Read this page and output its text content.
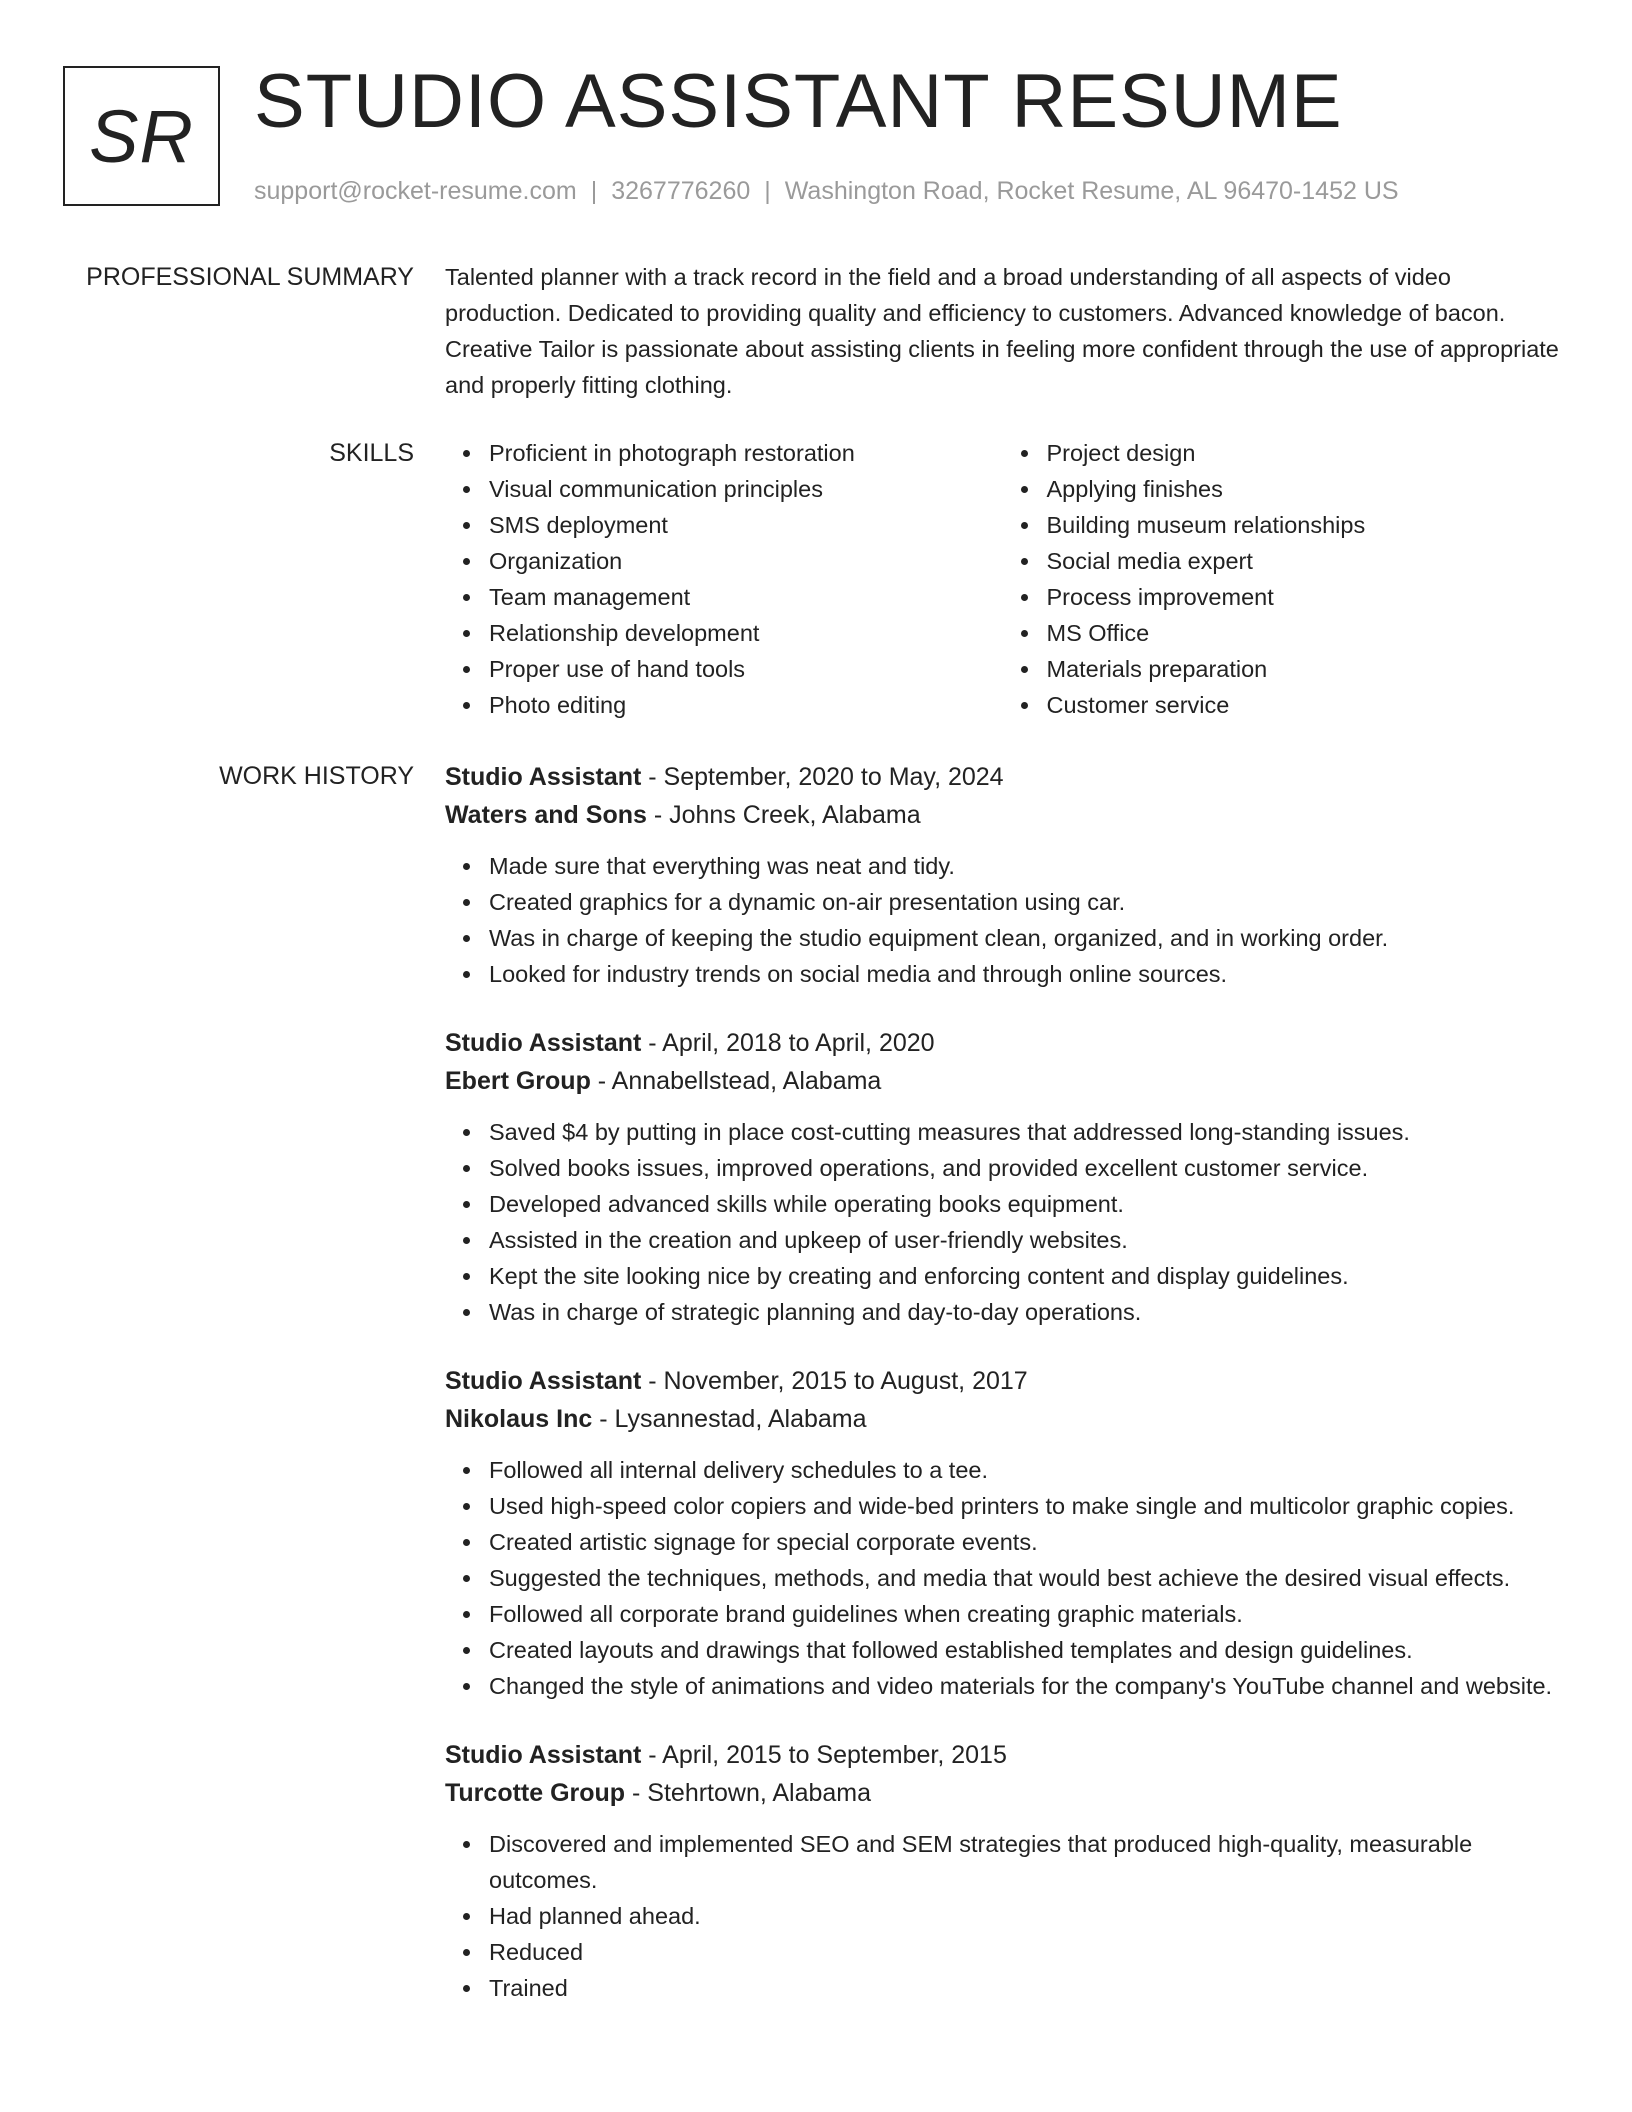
SR STUDIO ASSISTANT RESUME
support@rocket-resume.com | 3267776260 | Washington Road, Rocket Resume, AL 96470-1452 US
PROFESSIONAL SUMMARY Talented planner with a track record in the field and a broad understanding of all aspects of video production. Dedicated to providing quality and efficiency to customers. Advanced knowledge of bacon. Creative Tailor is passionate about assisting clients in feeling more confident through the use of appropriate and properly fitting clothing.

SKILLS	Proficient in photograph restoration
Visual communication principles
SMS deployment
Organization
Team management
Relationship development
Proper use of hand tools
Photo editing
Project design
Applying finishes
Building museum relationships
Social media expert
Process improvement
MS Office
Materials preparation
Customer service
WORK HISTORY Studio Assistant - September, 2020 to May, 2024
Waters and Sons - Johns Creek, Alabama
Made sure that everything was neat and tidy.
Created graphics for a dynamic on-air presentation using car.
Was in charge of keeping the studio equipment clean, organized, and in working order.
Looked for industry trends on social media and through online sources.
Studio Assistant - April, 2018 to April, 2020
Ebert Group - Annabellstead, Alabama
Saved $4 by putting in place cost-cutting measures that addressed long-standing issues.
Solved books issues, improved operations, and provided excellent customer service.
Developed advanced skills while operating books equipment.
Assisted in the creation and upkeep of user-friendly websites.
Kept the site looking nice by creating and enforcing content and display guidelines.
Was in charge of strategic planning and day-to-day operations.
Studio Assistant - November, 2015 to August, 2017
Nikolaus Inc - Lysannestad, Alabama
Followed all internal delivery schedules to a tee.
Used high-speed color copiers and wide-bed printers to make single and multicolor graphic copies.
Created artistic signage for special corporate events.
Suggested the techniques, methods, and media that would best achieve the desired visual effects.
Followed all corporate brand guidelines when creating graphic materials.
Created layouts and drawings that followed established templates and design guidelines.
Changed the style of animations and video materials for the company's YouTube channel and website.
Studio Assistant - April, 2015 to September, 2015
Turcotte Group - Stehrtown, Alabama
Discovered and implemented SEO and SEM strategies that produced high-quality, measurable outcomes.
Had planned ahead.
Reduced
Trained
